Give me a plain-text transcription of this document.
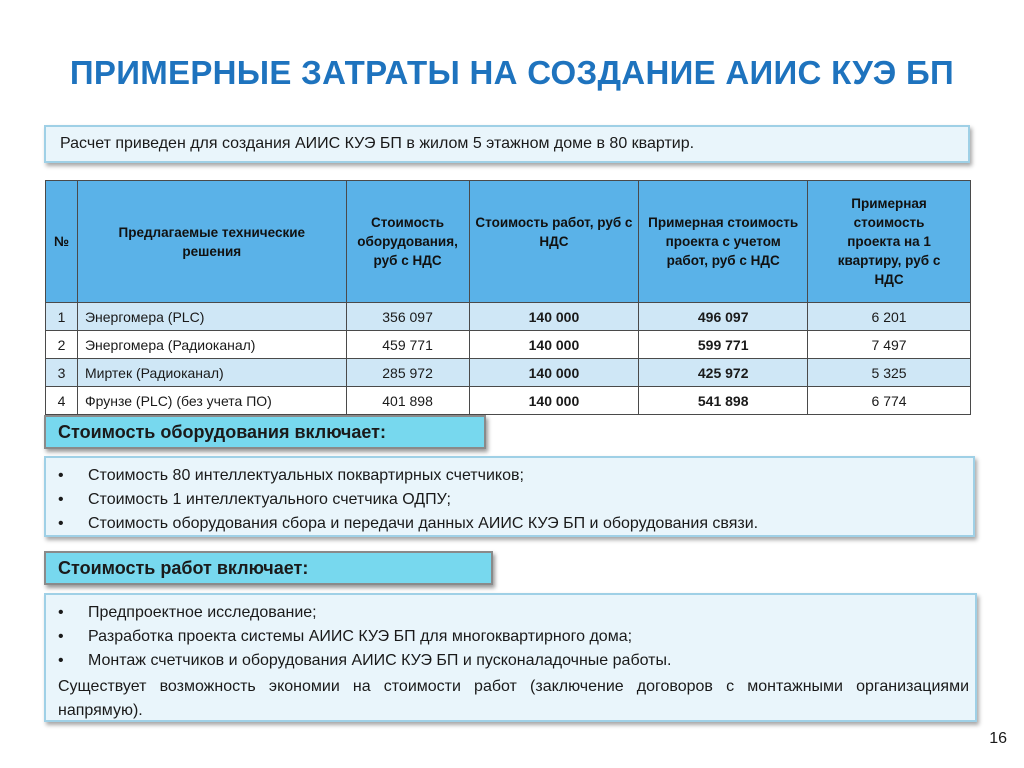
ПРИМЕРНЫЕ ЗАТРАТЫ НА СОЗДАНИЕ АИИС КУЭ БП
Расчет приведен для создания АИИС КУЭ БП в жилом 5 этажном доме в 80 квартир.
№	Предлагаемые технические решения	Стоимость оборудования, руб с НДС	Стоимость работ, руб с НДС	Примерная стоимость проекта с учетом работ, руб с НДС	Примерная стоимость проекта на 1 квартиру, руб с НДС
1	Энергомера (PLC)	356 097	140 000	496 097	6 201
2	Энергомера (Радиоканал)	459 771	140 000	599 771	7 497
3	Миртек (Радиоканал)	285 972	140 000	425 972	5 325
4	Фрунзе (PLC) (без учета ПО)	401 898	140 000	541 898	6 774
Стоимость оборудования включает:
• Стоимость 80 интеллектуальных поквартирных счетчиков;
• Стоимость 1 интеллектуального счетчика ОДПУ;
• Стоимость оборудования сбора и передачи данных АИИС КУЭ БП и оборудования связи.
Стоимость работ включает:
• Предпроектное исследование;
• Разработка проекта системы АИИС КУЭ БП для многоквартирного дома;
• Монтаж счетчиков и оборудования АИИС КУЭ БП и пусконаладочные работы.
Существует возможность экономии на стоимости работ (заключение договоров с монтажными организациями напрямую).
16
